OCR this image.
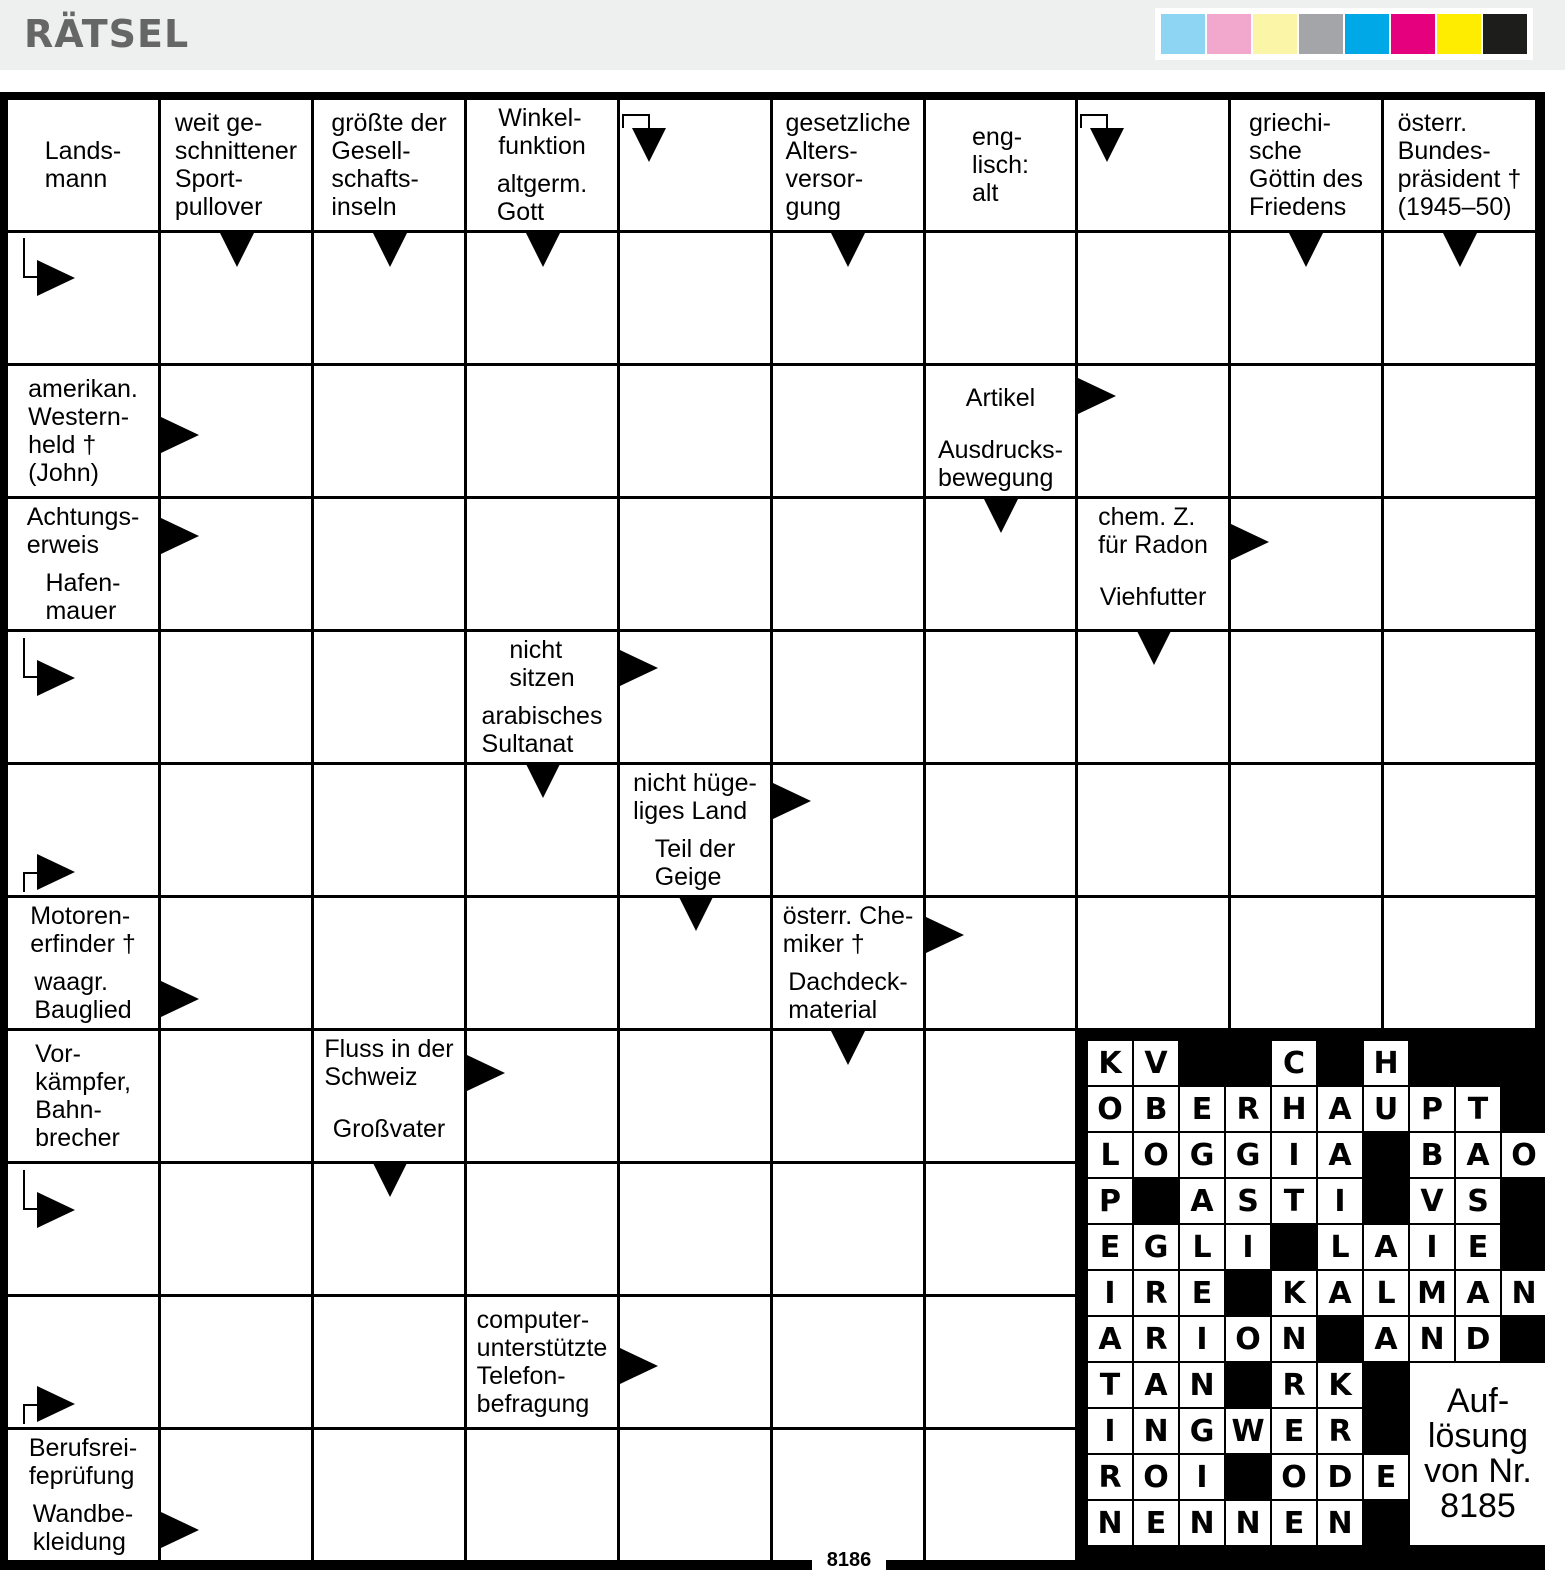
RÄTSEL
Lands-
mann
weit ge-
schnittener
Sport-
pullover
größte der
Gesell-
schafts-
inseln
Winkel-
funktion
altgerm.
Gott
gesetzliche
Alters-
versor-
gung
eng-
lisch:
alt
griechi-
sche
Göttin des
Friedens
österr.
Bundes-
präsident †
(1945–50)
amerikan.
Western-
held †
(John)
Artikel
Ausdrucks-
bewegung
Achtungs-
erweis
Hafen-
mauer
chem. Z.
für Radon
Viehfutter
nicht
sitzen
arabisches
Sultanat
nicht hüge-
liges Land
Teil der
Geige
Motoren-
erfinder †
waagr.
Bauglied
österr. Che-
miker †
Dachdeck-
material
Vor-
kämpfer,
Bahn-
brecher
Fluss in der
Schweiz
Großvater
computer-
unterstützte
Telefon-
befragung
Berufsrei-
feprüfung
Wandbe-
kleidung
K V	C	H
O B E R H A U P T
L O G G I A	B A O
P	A S T	I	V S
E G L	I	L A I	E
I R E	K A L M A N
A R I O N	A N D
T A N	R K
I N G W E R
R O I	O D E
N E N N E N
Auf-
lösung
von Nr.
8185
8186
